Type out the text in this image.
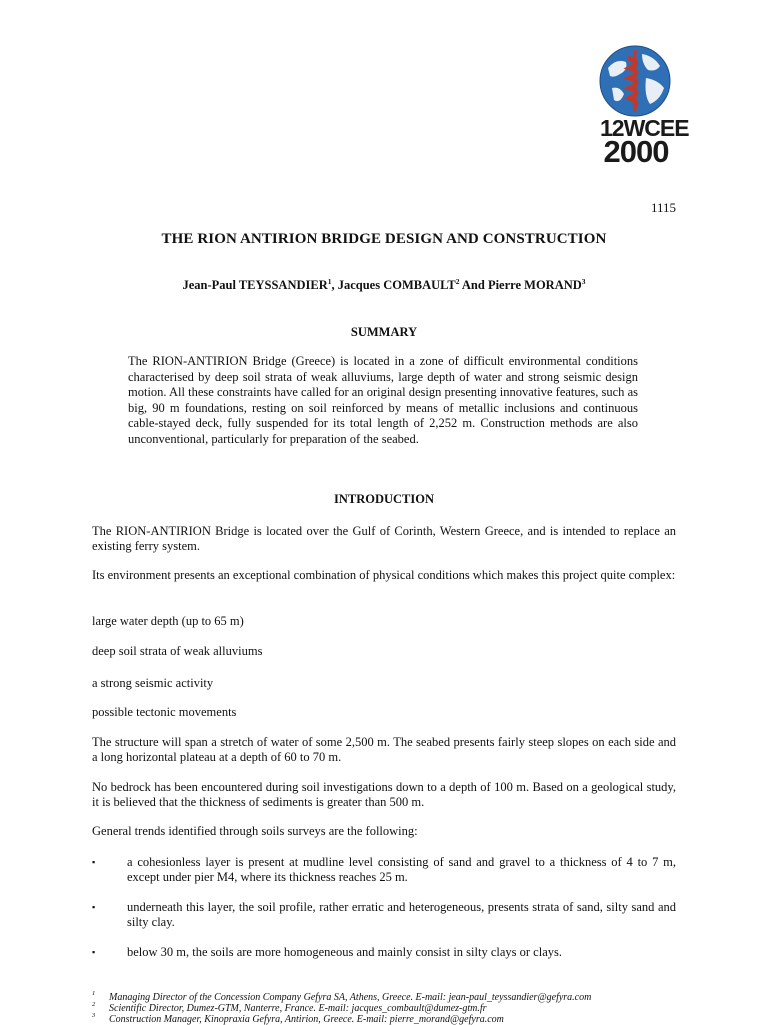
12WCEE
2000
1115
THE RION ANTIRION BRIDGE DESIGN AND CONSTRUCTION
Jean-Paul TEYSSANDIER$^1$, Jacques COMBAULT$^2$ And Pierre MORAND$^3$
SUMMARY
The RION-ANTIRION Bridge (Greece) is located in a zone of difficult environmental conditions characterised by deep soil strata of weak alluviums, large depth of water and strong seismic design motion. All these constraints have called for an original design presenting innovative features, such as big, 90 m foundations, resting on soil reinforced by means of metallic inclusions and continuous cable-stayed deck, fully suspended for its total length of 2,252 m. Construction methods are also unconventional, particularly for preparation of the seabed.
INTRODUCTION

The RION-ANTIRION Bridge is located over the Gulf of Corinth, Western Greece, and is intended to replace an existing ferry system.

Its environment presents an exceptional combination of physical conditions which makes this project quite complex:

large water depth (up to 65 m)

deep soil strata of weak alluviums

a strong seismic activity

possible tectonic movements

The structure will span a stretch of water of some 2,500 m. The seabed presents fairly steep slopes on each side and a long horizontal plateau at a depth of 60 to 70 m.

No bedrock has been encountered during soil investigations down to a depth of 100 m. Based on a geological study, it is believed that the thickness of sediments is greater than 500 m.

General trends identified through soils surveys are the following:

▪	a cohesionless layer is present at mudline level consisting of sand and gravel to a thickness of 4 to 7 m, except under pier M4, where its thickness reaches 25 m.
▪	underneath this layer, the soil profile, rather erratic and heterogeneous, presents strata of sand, silty sand and silty clay.
▪	below 30 m, the soils are more homogeneous and mainly consist in silty clays or clays.
1 Managing Director of the Concession Company Gefyra SA, Athens, Greece. E-mail: jean-paul_teyssandier@gefyra.com
2 Scientific Director, Dumez-GTM, Nanterre, France. E-mail: jacques_combault@dumez-gtm.fr
3 Construction Manager, Kinopraxia Gefyra, Antirion, Greece. E-mail: pierre_morand@gefyra.com
